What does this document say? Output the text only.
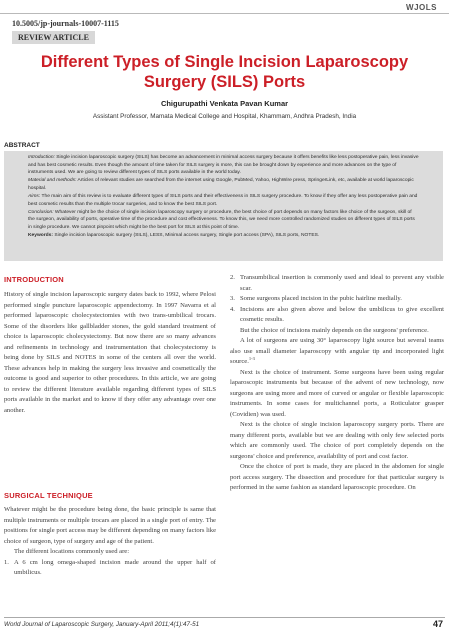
WJOLS
10.5005/jp-journals-10007-1115
REVIEW ARTICLE
Different Types of Single Incision Laparoscopy
Surgery (SILS) Ports
Chigurupathi Venkata Pavan Kumar
Assistant Professor, Mamata Medical College and Hospital, Khammam, Andhra Pradesh, India
ABSTRACT

Introduction: Single incision laparoscopic surgery (SILS) has become an advancement in minimal access surgery because it offers benefits like less postoperative pain, less invasive and has best cosmetic results. Even though the amount of time taken for SILS surgery is more, this can be brought down by experience and more advances on the type of instruments used. We are going to review different types of SILS ports available in the world today.

Material and methods: Articles of relevant studies are searched from the internet using Google, PubMed, Yahoo, HighWire press, SpringerLink, etc, available at world laparoscopic hospital.

Aims: The main aim of this review is to evaluate different types of SILS ports and their effectiveness in SILS surgery procedure. To know if they offer any less postoperative pain and best cosmetic results than the multiple trocar surgeries, and to know the best SILS port.

Conclusion: Whatever might be the choice of single incision laparoscopy surgery or procedure, the best choice of port depends on many factors like choice of the surgeon, skill of the surgeon, availability of ports, operative time of the procedure and cost effectiveness. To know this, we need more controlled randomized studies on different types of SILS ports in single procedure. We cannot pinpoint which might be the best port for SILS at this point of time.

Keywords: Single incision laparoscopic surgery (SILS), LESS, Minimal access surgery, Single port access (SPA), SILS ports, NOTES.

INTRODUCTION

History of single incision laparoscopic surgery dates back to 1992, where Pelosi performed single puncture laparoscopic appendectomy. In 1997 Navarra et al performed laparoscopic cholecystectomies with two trans-umbilical trocars. Some of the disorders like gallbladder stones, the gold standard treatment of choice is laparoscopic cholecystectomy. But now there are so many advances and refinements in technology and instrumentation that cholecystectomy is being done by SILS and NOTES in some of the centers all over the world. These advances help in making the surgery less invasive and cosmetically the outcome is good and superior to other procedures. In this article, we are going to review the different literature available regarding different types of SILS ports available in the market and to know if they offer any advantage over one another.

SURGICAL TECHNIQUE

Whatever might be the procedure being done, the basic principle is same that multiple instruments or multiple trocars are placed in a single port of entry. The positions for single port access may be different depending on many factors like choice of surgeon, type of surgery and age of the patient.

The different locations commonly used are:

1. A 6 cm long omega-shaped incision made around the upper half of umbilicus.
2. Transumbilical insertion is commonly used and ideal to prevent any visible scar.
3. Some surgeons placed incision in the pubic hairline medially.
4. Incisions are also given above and below the umbilicus to give excellent cosmetic results.

But the choice of incisions mainly depends on the surgeons' preference.

A lot of surgeons are using 30° laparoscopy light source but several teams also use small diameter laparoscopy with angular tip and incorporated light source.$^{1-3}$

Next is the choice of instrument. Some surgeons have been using regular laparoscopic instruments but because of the advent of new technology, now surgeons are using more and more of curved or angular or flexible laparoscopic instruments. In some cases for multichannel ports, a Roticulator grasper (Covidien) was used.

Next is the choice of single incision laparoscopy surgery ports. There are many different ports, available but we are dealing with only few selected ports which are commonly used. The choice of port completely depends on the surgeons' choice and preference, availability of port and cost factor.

Once the choice of port is made, they are placed in the abdomen for single port access surgery. The dissection and procedure for that particular surgery is performed in the same fashion as standard laparoscopic procedure. On

World Journal of Laparoscopic Surgery, January-April 2011;4(1):47-51	47
